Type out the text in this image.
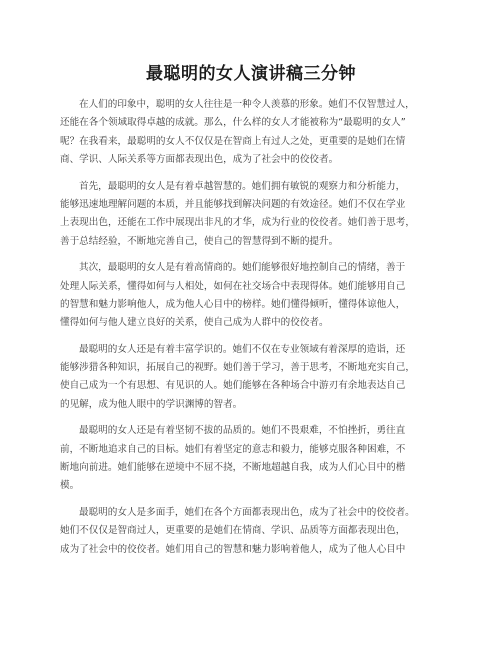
最聪明的女人演讲稿三分钟
在人们的印象中，聪明的女人往往是一种令人羡慕的形象。她们不仅智慧过人，
还能在各个领域取得卓越的成就。那么，什么样的女人才能被称为“最聪明的女人”
呢？在我看来，最聪明的女人不仅仅是在智商上有过人之处，更重要的是她们在情
商、学识、人际关系等方面都表现出色，成为了社会中的佼佼者。
首先，最聪明的女人是有着卓越智慧的。她们拥有敏锐的观察力和分析能力，
能够迅速地理解问题的本质，并且能够找到解决问题的有效途径。她们不仅在学业
上表现出色，还能在工作中展现出非凡的才华，成为行业的佼佼者。她们善于思考，
善于总结经验，不断地完善自己，使自己的智慧得到不断的提升。
其次，最聪明的女人是有着高情商的。她们能够很好地控制自己的情绪，善于
处理人际关系，懂得如何与人相处，如何在社交场合中表现得体。她们能够用自己
的智慧和魅力影响他人，成为他人心目中的榜样。她们懂得倾听，懂得体谅他人，
懂得如何与他人建立良好的关系，使自己成为人群中的佼佼者。
最聪明的女人还是有着丰富学识的。她们不仅在专业领域有着深厚的造诣，还
能够涉猎各种知识，拓展自己的视野。她们善于学习，善于思考，不断地充实自己，
使自己成为一个有思想、有见识的人。她们能够在各种场合中游刃有余地表达自己
的见解，成为他人眼中的学识渊博的智者。
最聪明的女人还是有着坚韧不拔的品质的。她们不畏艰难，不怕挫折，勇往直
前，不断地追求自己的目标。她们有着坚定的意志和毅力，能够克服各种困难，不
断地向前进。她们能够在逆境中不屈不挠，不断地超越自我，成为人们心目中的楷
模。
最聪明的女人是多面手，她们在各个方面都表现出色，成为了社会中的佼佼者。
她们不仅仅是智商过人，更重要的是她们在情商、学识、品质等方面都表现出色，
成为了社会中的佼佼者。她们用自己的智慧和魅力影响着他人，成为了他人心目中
